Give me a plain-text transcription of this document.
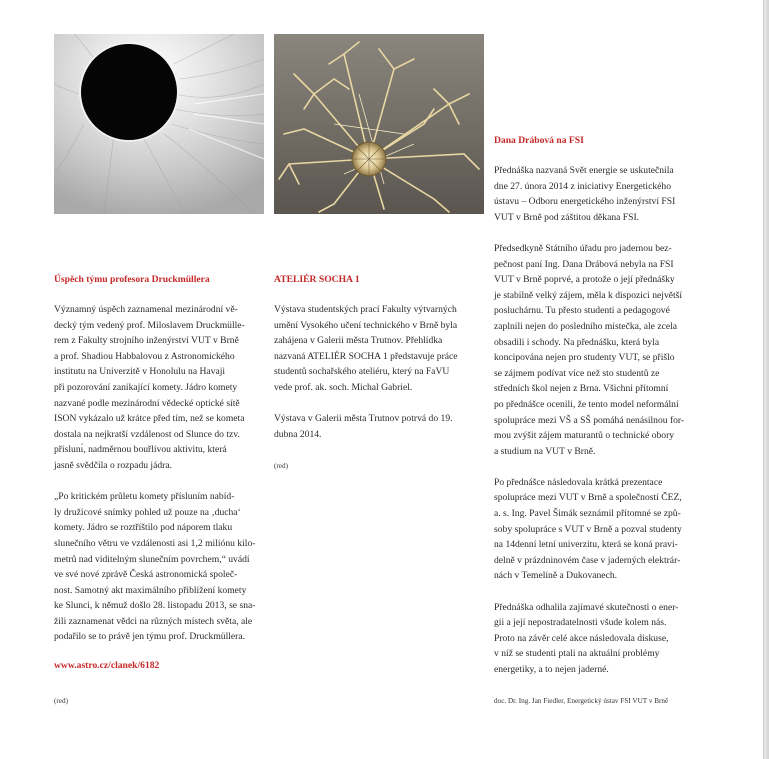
Úspěch týmu profesora Druckmüllera

Významný úspěch zaznamenal mezinárodní vě-
decký tým vedený prof. Miloslavem Druckmülle-
rem z Fakulty strojního inženýrství VUT v Brně
a prof. Shadiou Habbalovou z Astronomického
institutu na Univerzitě v Honolulu na Havaji
při pozorování zanikající komety. Jádro komety
nazvané podle mezinárodní vědecké optické sítě
ISON vykázalo už krátce před tím, než se kometa
dostala na nejkratší vzdálenost od Slunce do tzv.
příslunı́, nadměrnou bouřlivou aktivitu, která
jasně svědčila o rozpadu jádra.

„Po kritickém průletu komety přísluním nabíd-
ly družicové snímky pohled už pouze na ‚ducha‘
komety. Jádro se roztříštilo pod náporem tlaku
slunečního větru ve vzdálenosti asi 1,2 miliónu kilo-
metrů nad viditelným slunečním povrchem,“ uvádí
ve své nové zprávě Česká astronomická společ-
nost. Samotný akt maximálního přiblížení komety
ke Slunci, k němuž došlo 28. listopadu 2013, se sna-
žili zaznamenat vědci na různých místech světa, ale
podařilo se to právě jen týmu prof. Druckmüllera.

www.astro.cz/clanek/6182
(red)
ATELIÉR SOCHA 1

Výstava studentských prací Fakulty výtvarných
umění Vysokého učení technického v Brně byla
zahájena v Galerii města Trutnov. Přehlídka
nazvaná ATELIÉR SOCHA 1 představuje práce
studentů sochařského ateliéru, který na FaVU
vede prof. ak. soch. Michal Gabriel.

Výstava v Galerii města Trutnov potrvá do 19.
dubna 2014.

(red)
Dana Drábová na FSI

Přednáška nazvaná Svět energie se uskutečnila
dne 27. února 2014 z iniciativy Energetického
ústavu – Odboru energetického inženýrství FSI
VUT v Brně pod záštitou děkana FSI.

Předsedkyně Státního úřadu pro jadernou bez-
pečnost paní Ing. Dana Drábová nebyla na FSI
VUT v Brně poprvé, a protože o její přednášky
je stabilně velký zájem, měla k dispozici největší
posluchárnu. Tu přesto studenti a pedagogové
zaplnili nejen do posledního místečka, ale zcela
obsadili i schody. Na přednášku, která byla
koncipována nejen pro studenty VUT, se přišlo
se zájmem podívat více než sto studentů ze
středních škol nejen z Brna. Všichni přítomní
po přednášce ocenili, že tento model neformální
spolupráce mezi VŠ a SŠ pomáhá nenásilnou for-
mou zvýšit zájem maturantů o technické obory
a studium na VUT v Brně.

Po přednášce následovala krátká prezentace
spolupráce mezi VUT v Brně a společností ČEZ,
a. s. Ing. Pavel Šimák seznámil přítomné se způ-
soby spolupráce s VUT v Brně a pozval studenty
na 14denní letní univerzitu, která se koná pravi-
delně v prázdninovém čase v jaderných elektrár-
nách v Temelíně a Dukovanech.

Přednáška odhalila zajímavé skutečnosti o ener-
gii a její nepostradatelnosti všude kolem nás.
Proto na závěr celé akce následovala diskuse,
v níž se studenti ptali na aktuální problémy
energetiky, a to nejen jaderné.

doc. Dr. Ing. Jan Fiedler, Energetický ústav FSI VUT v Brně
